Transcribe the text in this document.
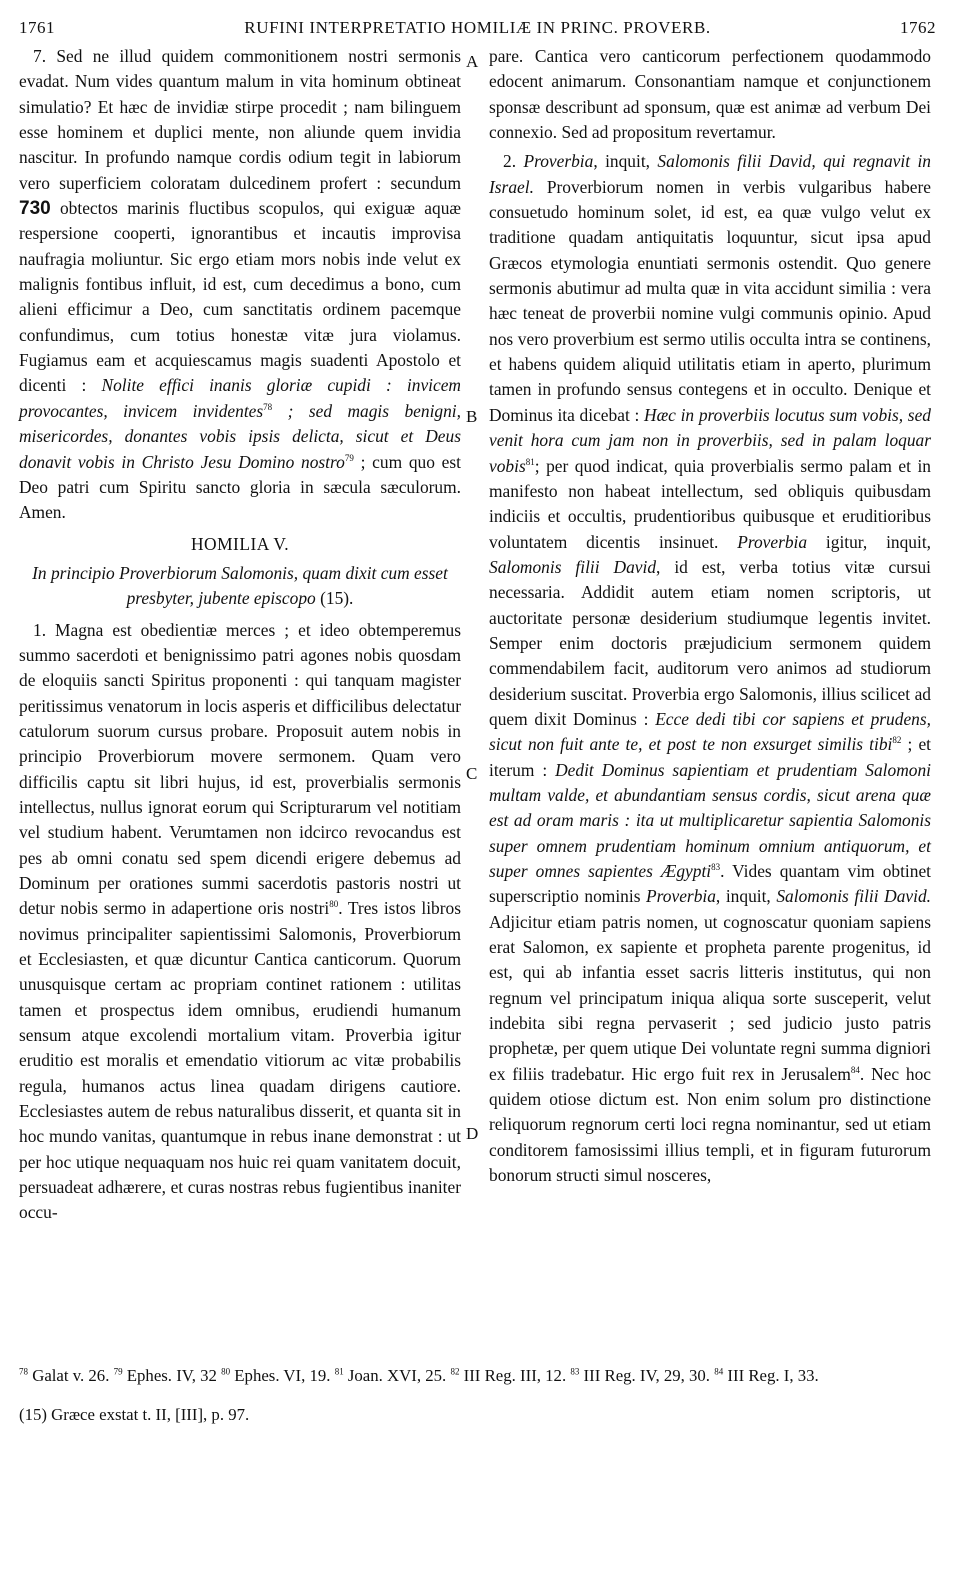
1761	RUFINI INTERPRETATIO HOMILIÆ IN PRINC. PROVERB.	1762
A
B
C
D

7. Sed ne illud quidem commonitionem nostri sermonis evadat. Num vides quantum malum in vita hominum obtineat simulatio? Et hæc de invidiæ stirpe procedit ; nam bilinguem esse hominem et duplici mente, non aliunde quem invidia nascitur. In profundo namque cordis odium tegit in labiorum vero superficiem coloratam dulcedinem profert : secundum 730 obtectos marinis fluctibus scopulos, qui exiguæ aquæ respersione cooperti, ignorantibus et incautis improvisa naufragia moliuntur. Sic ergo etiam mors nobis inde velut ex malignis fontibus influit, id est, cum decedimus a bono, cum alieni efficimur a Deo, cum sanctitatis ordinem pacemque confundimus, cum totius honestæ vitæ jura violamus. Fugiamus eam et acquiescamus magis suadenti Apostolo et dicenti : Nolite effici inanis gloriæ cupidi : invicem provocantes, invicem invidentes$^{78}$ ; sed magis benigni, misericordes, donantes vobis ipsis delicta, sicut et Deus donavit vobis in Christo Jesu Domino nostro$^{79}$ ; cum quo est Deo patri cum Spiritu sancto gloria in sæcula sæculorum. Amen.

HOMILIA V.

In principio Proverbiorum Salomonis, quam dixit cum esset presbyter, jubente episcopo (15).

1. Magna est obedientiæ merces ; et ideo obtemperemus summo sacerdoti et benignissimo patri agones nobis quosdam de eloquiis sancti Spiritus proponenti : qui tanquam magister peritissimus venatorum in locis asperis et difficilibus delectatur catulorum suorum cursus probare. Proposuit autem nobis in principio Proverbiorum movere sermonem. Quam vero difficilis captu sit libri hujus, id est, proverbialis sermonis intellectus, nullus ignorat eorum qui Scripturarum vel notitiam vel studium habent. Verumtamen non idcirco revocandus est pes ab omni conatu sed spem dicendi erigere debemus ad Dominum per orationes summi sacerdotis pastoris nostri ut detur nobis sermo in adapertione oris nostri$^{80}$. Tres istos libros novimus principaliter sapientissimi Salomonis, Proverbiorum et Ecclesiasten, et quæ dicuntur Cantica canticorum. Quorum unusquisque certam ac propriam continet rationem : utilitas tamen et prospectus idem omnibus, erudiendi humanum sensum atque excolendi mortalium vitam. Proverbia igitur eruditio est moralis et emendatio vitiorum ac vitæ probabilis regula, humanos actus linea quadam dirigens cautiore. Ecclesiastes autem de rebus naturalibus disserit, et quanta sit in hoc mundo vanitas, quantumque in rebus inane demonstrat : ut per hoc utique nequaquam nos huic rei quam vanitatem docuit, persuadeat adhærere, et curas nostras rebus fugientibus inaniter occu-

pare. Cantica vero canticorum perfectionem quodammodo edocent animarum. Consonantiam namque et conjunctionem sponsæ describunt ad sponsum, quæ est animæ ad verbum Dei connexio. Sed ad propositum revertamur.

2. Proverbia, inquit, Salomonis filii David, qui regnavit in Israel. Proverbiorum nomen in verbis vulgaribus habere consuetudo hominum solet, id est, ea quæ vulgo velut ex traditione quadam antiquitatis loquuntur, sicut ipsa apud Græcos etymologia enuntiati sermonis ostendit. Quo genere sermonis abutimur ad multa quæ in vita accidunt similia : vera hæc teneat de proverbii nomine vulgi communis opinio. Apud nos vero proverbium est sermo utilis occulta intra se continens, et habens quidem aliquid utilitatis etiam in aperto, plurimum tamen in profundo sensus contegens et in occulto. Denique et Dominus ita dicebat : Hæc in proverbiis locutus sum vobis, sed venit hora cum jam non in proverbiis, sed in palam loquar vobis$^{81}$; per quod indicat, quia proverbialis sermo palam et in manifesto non habeat intellectum, sed obliquis quibusdam indiciis et occultis, prudentioribus quibusque et eruditioribus voluntatem dicentis insinuet. Proverbia igitur, inquit, Salomonis filii David, id est, verba totius vitæ cursui necessaria. Addidit autem etiam nomen scriptoris, ut auctoritate personæ desiderium studiumque legentis invitet. Semper enim doctoris præjudicium sermonem quidem commendabilem facit, auditorum vero animos ad studiorum desiderium suscitat. Proverbia ergo Salomonis, illius scilicet ad quem dixit Dominus : Ecce dedi tibi cor sapiens et prudens, sicut non fuit ante te, et post te non exsurget similis tibi$^{82}$ ; et iterum : Dedit Dominus sapientiam et prudentiam Salomoni multam valde, et abundantiam sensus cordis, sicut arena quæ est ad oram maris : ita ut multiplicaretur sapientia Salomonis super omnem prudentiam hominum omnium antiquorum, et super omnes sapientes Ægypti$^{83}$. Vides quantam vim obtinet superscriptio nominis Proverbia, inquit, Salomonis filii David. Adjicitur etiam patris nomen, ut cognoscatur quoniam sapiens erat Salomon, ex sapiente et propheta parente progenitus, id est, qui ab infantia esset sacris litteris institutus, qui non regnum vel principatum iniqua aliqua sorte susceperit, velut indebita sibi regna pervaserit ; sed judicio justo patris prophetæ, per quem utique Dei voluntate regni summa digniori ex filiis tradebatur. Hic ergo fuit rex in Jerusalem$^{84}$. Nec hoc quidem otiose dictum est. Non enim solum pro distinctione reliquorum regnorum certi loci regna nominantur, sed ut etiam conditorem famosissimi illius templi, et in figuram futurorum bonorum structi simul nosceres,

$^{78}$ Galat v. 26. $^{79}$ Ephes. IV, 32 $^{80}$ Ephes. VI, 19. $^{81}$ Joan. XVI, 25. $^{82}$ III Reg. III, 12. $^{83}$ III Reg. IV, 29, 30. $^{84}$ III Reg. I, 33.

(15) Græce exstat t. II, [III], p. 97.
